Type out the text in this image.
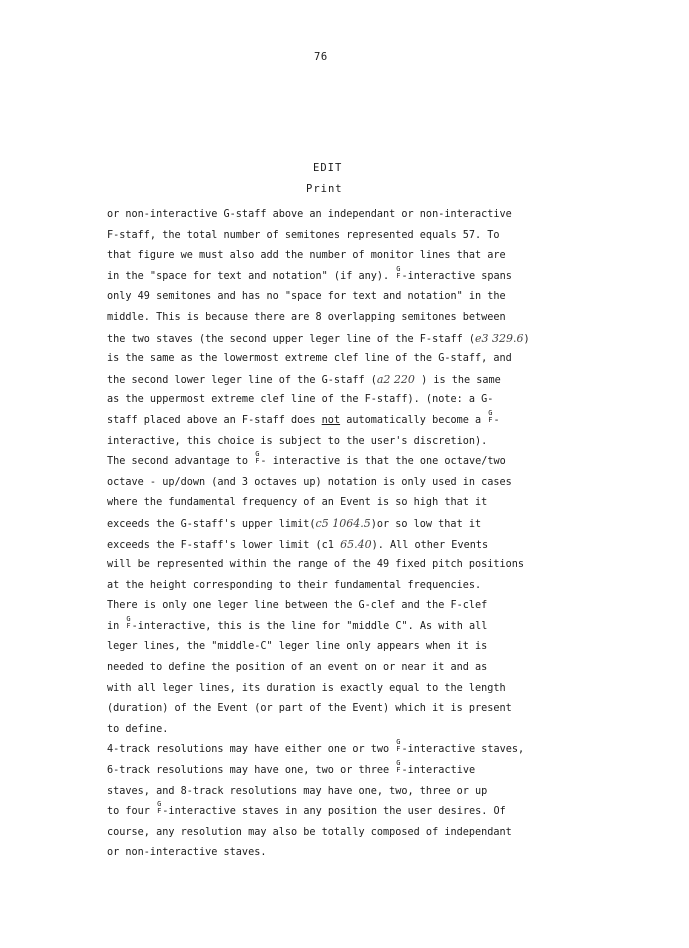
76
EDIT
Print
or non-interactive G-staff above an independant or non-interactive
F-staff, the total number of semitones represented equals 57. To
that figure we must also add the number of monitor lines that are
in the "space for text and notation" (if any).
G
F -interactive spans
only 49 semitones and has no "space for text and notation" in the
middle. This is because there are 8 overlapping semitones between
the two staves (the second upper leger line of the F-staff (e3 329.6)
is the same as the lowermost extreme clef line of the G-staff, and
the second lower leger line of the G-staff (a2 220 ) is the same
as the uppermost extreme clef line of the F-staff). (note: a G-
staff placed above an F-staff does not automatically become a
G
F -
interactive, this choice is subject to the user's discretion).
The second advantage to
G
F - interactive is that the one octave/two
octave - up/down (and 3 octaves up) notation is only used in cases
where the fundamental frequency of an Event is so high that it
exceeds the G-staff's upper limit(c5 1064.5)or so low that it
exceeds the F-staff's lower limit (c1 65.40). All other Events
will be represented within the range of the 49 fixed pitch positions
at the height corresponding to their fundamental frequencies.
There is only one leger line between the G-clef and the F-clef
in
G
F -interactive, this is the line for "middle C". As with all
leger lines, the "middle-C" leger line only appears when it is
needed to define the position of an event on or near it and as
with all leger lines, its duration is exactly equal to the length
(duration) of the Event (or part of the Event) which it is present
to define.
4-track resolutions may have either one or two
G
F -interactive staves,
6-track resolutions may have one, two or three
G
F -interactive
staves, and 8-track resolutions may have one, two, three or up
to four
G
F -interactive staves in any position the user desires. Of
course, any resolution may also be totally composed of independant
or non-interactive staves.
